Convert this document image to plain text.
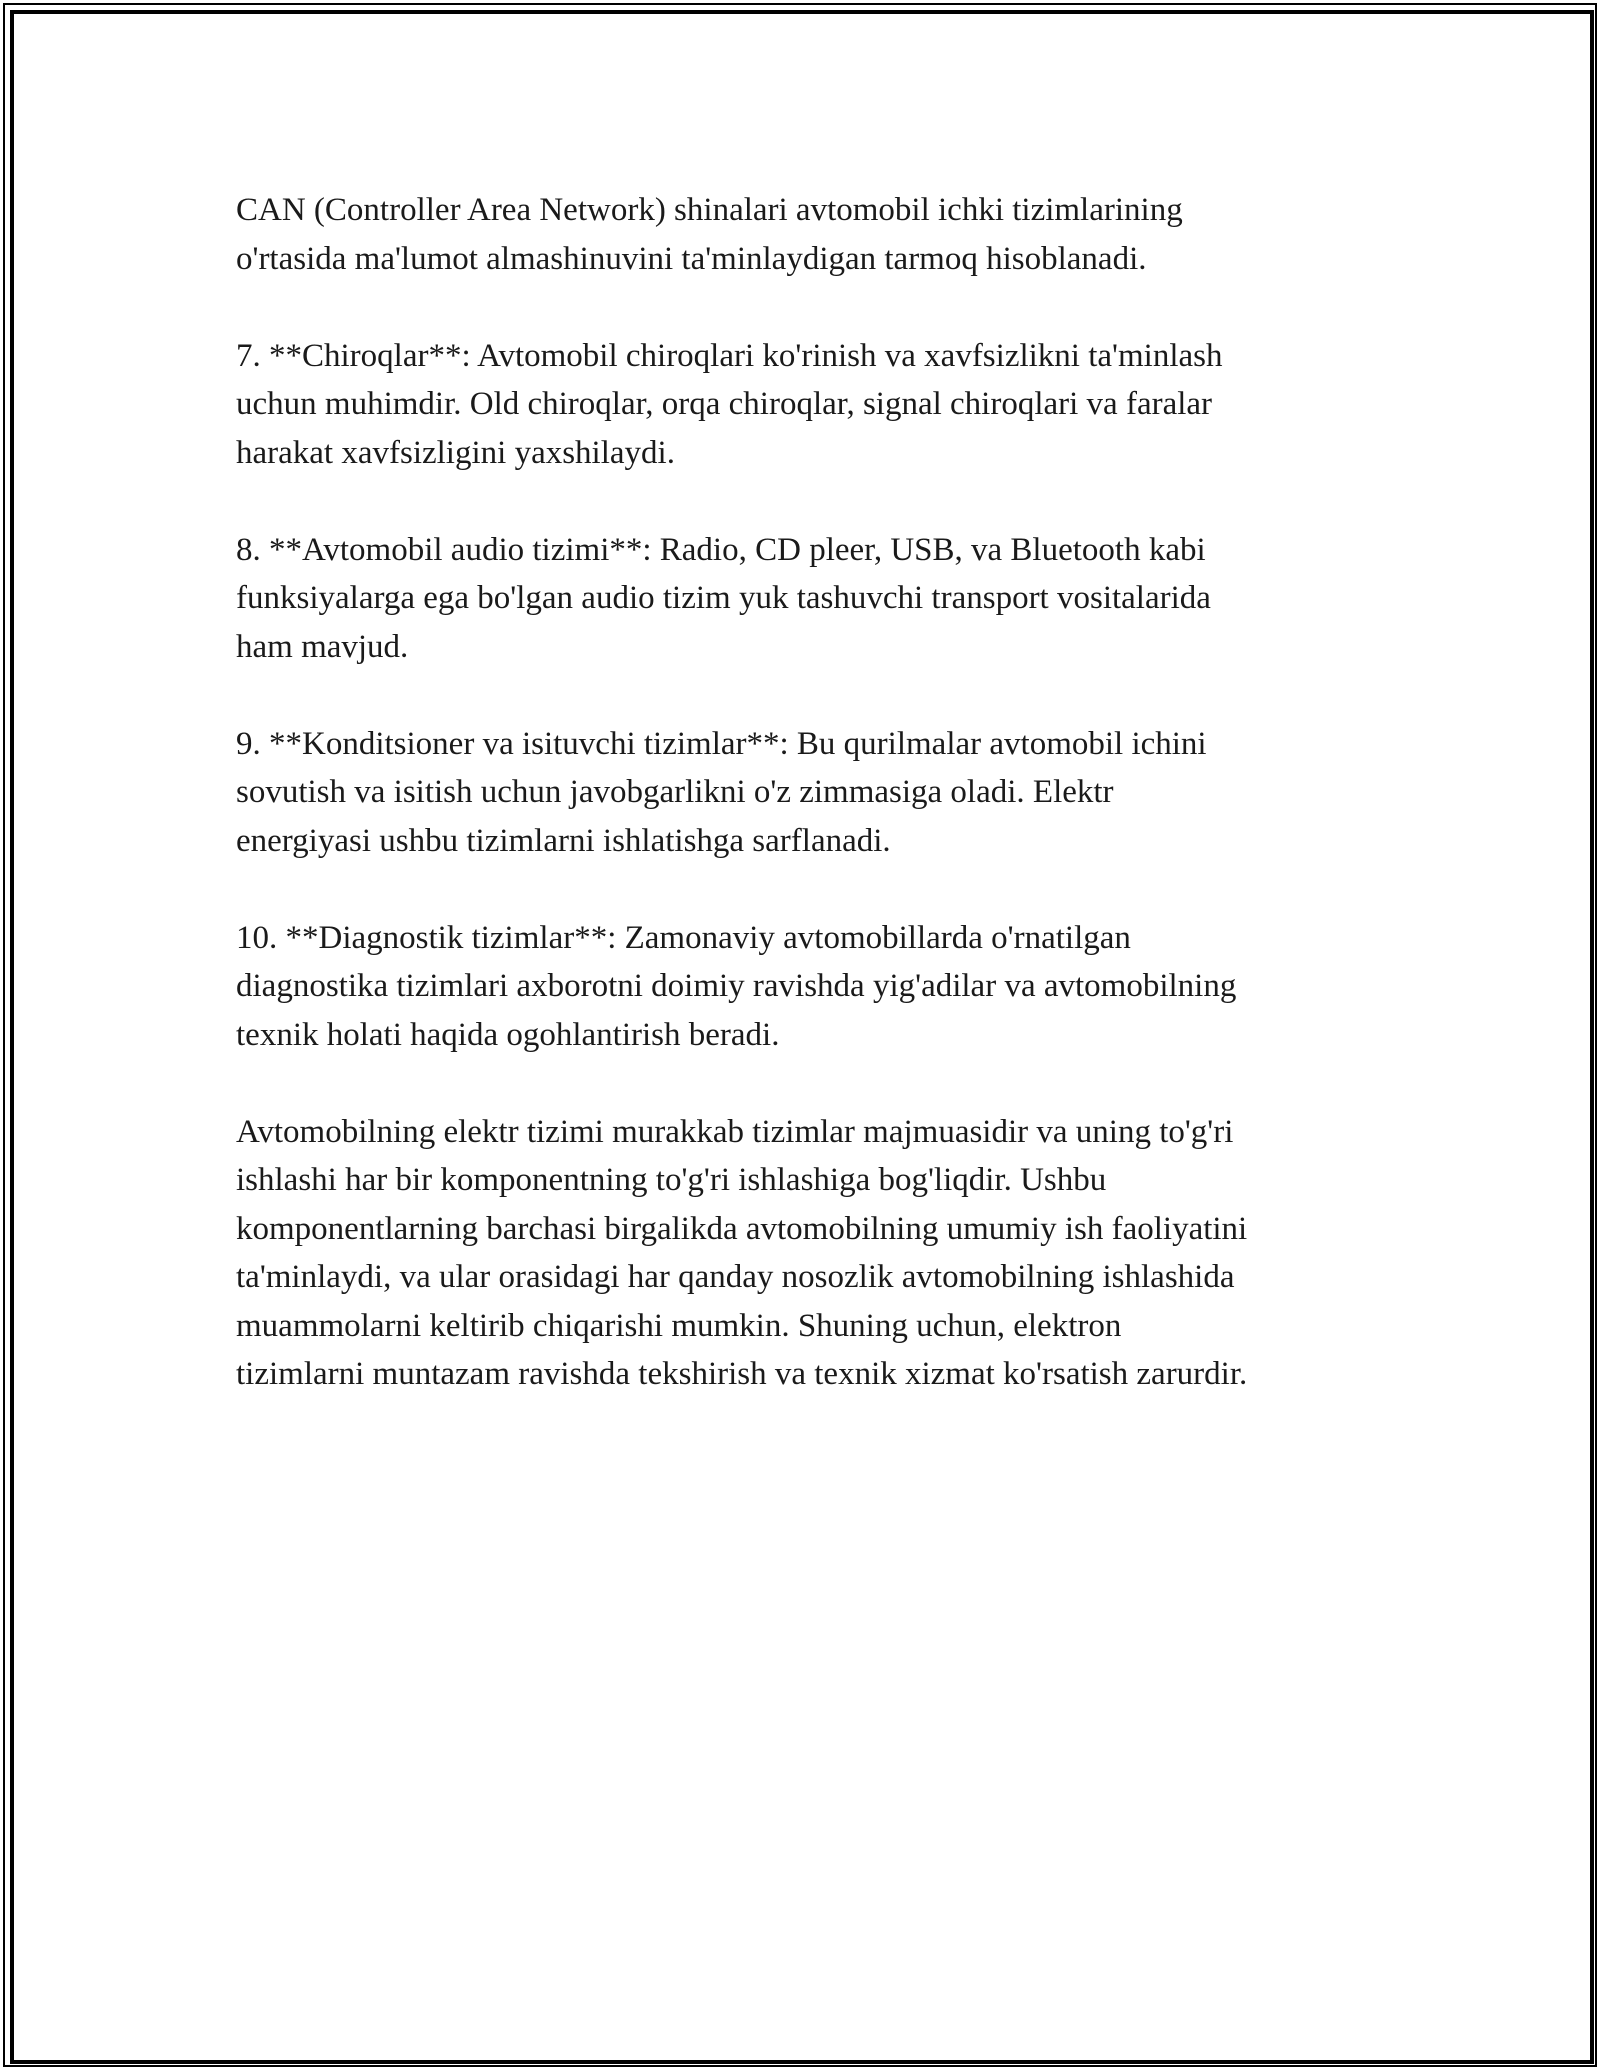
CAN (Controller Area Network) shinalari avtomobil ichki tizimlarining
o'rtasida ma'lumot almashinuvini ta'minlaydigan tarmoq hisoblanadi.

7. **Chiroqlar**: Avtomobil chiroqlari ko'rinish va xavfsizlikni ta'minlash
uchun muhimdir. Old chiroqlar, orqa chiroqlar, signal chiroqlari va faralar
harakat xavfsizligini yaxshilaydi.

8. **Avtomobil audio tizimi**: Radio, CD pleer, USB, va Bluetooth kabi
funksiyalarga ega bo'lgan audio tizim yuk tashuvchi transport vositalarida
ham mavjud.

9. **Konditsioner va isituvchi tizimlar**: Bu qurilmalar avtomobil ichini
sovutish va isitish uchun javobgarlikni o'z zimmasiga oladi. Elektr
energiyasi ushbu tizimlarni ishlatishga sarflanadi.

10. **Diagnostik tizimlar**: Zamonaviy avtomobillarda o'rnatilgan
diagnostika tizimlari axborotni doimiy ravishda yig'adilar va avtomobilning
texnik holati haqida ogohlantirish beradi.

Avtomobilning elektr tizimi murakkab tizimlar majmuasidir va uning to'g'ri
ishlashi har bir komponentning to'g'ri ishlashiga bog'liqdir. Ushbu
komponentlarning barchasi birgalikda avtomobilning umumiy ish faoliyatini
ta'minlaydi, va ular orasidagi har qanday nosozlik avtomobilning ishlashida
muammolarni keltirib chiqarishi mumkin. Shuning uchun, elektron
tizimlarni muntazam ravishda tekshirish va texnik xizmat ko'rsatish zarurdir.
